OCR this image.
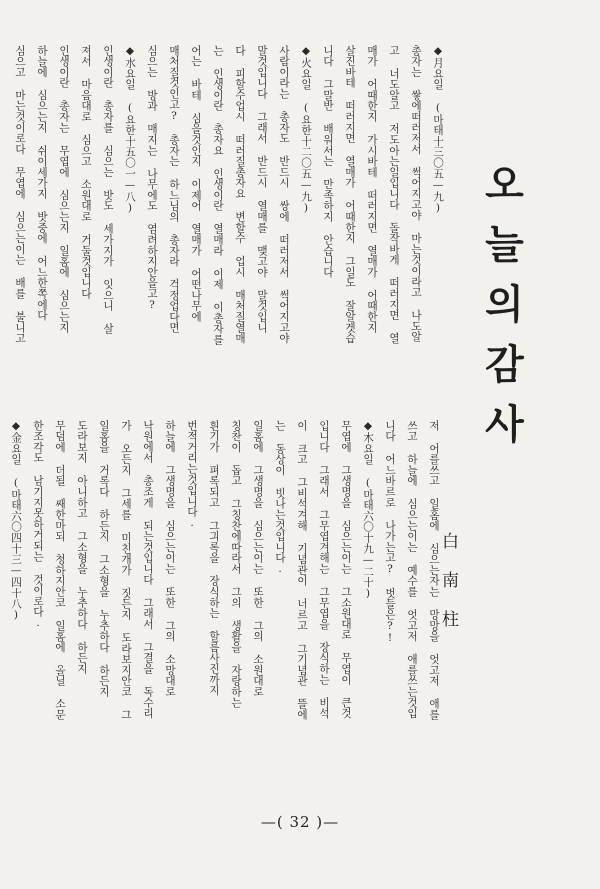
오늘의감사
白南柱
저 어를쓰고 일홈에 심으는자는 망망을 엇고저 애를
쓰고 하늘에 심으는이는 예수를 엇고저 애를쓰는것입
니다 어느바르로 나가는고? 벗들은?!
◆木요일 (마태六〇十九—二十)
무엽에 그생명을 심으는이는 그소원대로 무엽이 큰것
입니다 그래서 그무엽겨해는 그무엽을 장식하는 비석
이 크고 그비석겨해 기념관이 너르고 그기념관 뜰에
는 동상이 빗나는것입니다.
일홈에 그생명을 심으는이는 또한 그의 소원대로
칭찬이 돕고 그칭찬에따라서 그의 생활을 자랑하는
흰기가 펴록되고 그긔록을 장식하는 할름사진까지
번적거리는것입니다.
하늘에 그생명을 심으는이는 또한 그의 소망대로
낙원에서 총조게 되는것입니다 그래서 그결을 독수리
가 오든지 그세를 미친개가 짓든지 도라보지안코 그
일홈을 거록다 하든지 그소형을 누추하다 하든지
도라보지 아니하고 그소형을 누추하다 하든지
무덤에 더될 쌔한마되 청하지안코 일홈에 올닐 소문
한조각도 남기지못하거되는 것이로다.
◆金요일 (마태六〇四十三—四十八)
◆月요일 (마태十三〇五—九)
총자는 쌓에떠러저서 썩어지고야 마는것이라고 나도알
고 너도알고 저도아는일입니다 돌작바게 떠러지면 열
매가 어때한지 가시바테 떠러지면 열매가 어때한지
살진바테 떠러지면 열매가 어때한지 그일도 잘알겟습
니다 그말반 배워서는 만족하지 안습니다
◆火요일 (요한十二〇五—九)
사람이라는 총자도 반드시 쌍에 떠러저서 썩어지고야
말것입니다 그래서 반드시 열매를 맺고야 말것입니
다 피할수업시 떠러질총자요 변할수 업시 매처질열매
는 인생이란 총자요 인생이란 열매라 이제 이총자를
어는 바테 심을것인지 이제어 열매가 어떤나무에
매처질것인고? 총자는 하느님의 총자라 걱정업다면
심으는 방과 매지는 나무에도 염려하지안을고?
◆水요일 (요한十五〇一—八)
인생이란 총자를 심으는 밧도 세가지가 잇으니 살
져서 마음대로 심으고 소원대로 거둘것입니다
인생이란 총자는 무엽에 심으는지 일홈에 심으는지
하늘에 심으는지 쉬이세가지 밧중에 어느한쪽에다
심으고 마는것이로다 무엽에 심으는이는 배를 불니고
—( 32 )—
